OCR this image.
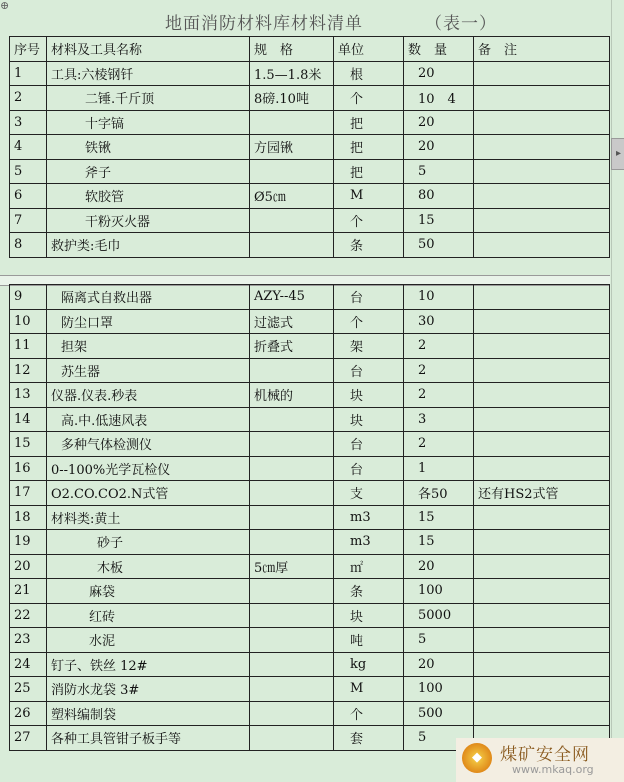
⊕
地面消防材料库材料清单	（表一）
序号	材料及工具名称	规　格	单位	数　量	备　注
1	工具:六棱钢钎	1.5—1.8米	根	20	
2	二锤.千斤顶	8磅.10吨	个	10　4	
3	十字镐		把	20	
4	铁锹	方园锹	把	20	
5	斧子		把	5	
6	软胶管	Ø5㎝	M	80	
7	干粉灭火器		个	15	
8	救护类:毛巾		条	50	
9	隔离式自救出器	AZY--45	台	10	
10	防尘口罩	过滤式	个	30	
11	担架	折叠式	架	2	
12	苏生器		台	2	
13	仪器.仪表.秒表	机械的	块	2	
14	高.中.低速风表		块	3	
15	多种气体检测仪		台	2	
16	0--100%光学瓦检仪		台	1	
17	O2.CO.CO2.N式管		支	各50	还有HS2式管
18	材料类:黄土		m3	15	
19	砂子		m3	15	
20	木板	5㎝厚	㎡	20	
21	麻袋		条	100	
22	红砖		块	5000	
23	水泥		吨	5	
24	钉子、铁丝 12#		kg	20	
25	消防水龙袋 3#		M	100	
26	塑料编制袋		个	500	
27	各种工具管钳子板手等		套	5	
▸
◆	煤矿安全网
www.mkaq.org
